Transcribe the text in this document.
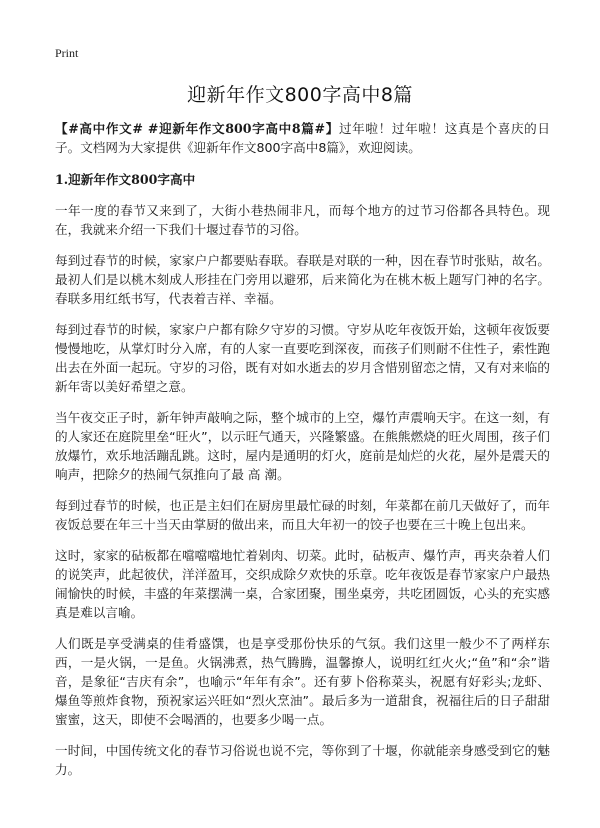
Print
迎新年作文800字高中8篇

【#高中作文# #迎新年作文800字高中8篇#】过年啦！过年啦！这真是个喜庆的日子。文档网为大家提供《迎新年作文800字高中8篇》，欢迎阅读。

1.迎新年作文800字高中

一年一度的春节又来到了，大街小巷热闹非凡，而每个地方的过节习俗都各具特色。现在，我就来介绍一下我们十堰过春节的习俗。

每到过春节的时候，家家户户都要贴春联。春联是对联的一种，因在春节时张贴，故名。最初人们是以桃木刻成人形挂在门旁用以避邪，后来简化为在桃木板上题写门神的名字。春联多用红纸书写，代表着吉祥、幸福。

每到过春节的时候，家家户户都有除夕守岁的习惯。守岁从吃年夜饭开始，这顿年夜饭要慢慢地吃，从掌灯时分入席，有的人家一直要吃到深夜，而孩子们则耐不住性子，索性跑出去在外面一起玩。守岁的习俗，既有对如水逝去的岁月含惜别留恋之情，又有对来临的新年寄以美好希望之意。

当午夜交正子时，新年钟声敲响之际，整个城市的上空，爆竹声震响天宇。在这一刻，有的人家还在庭院里垒“旺火”，以示旺气通天，兴隆繁盛。在熊熊燃烧的旺火周围，孩子们放爆竹，欢乐地活蹦乱跳。这时，屋内是通明的灯火，庭前是灿烂的火花，屋外是震天的响声，把除夕的热闹气氛推向了最 高 潮。

每到过春节的时候，也正是主妇们在厨房里最忙碌的时刻，年菜都在前几天做好了，而年夜饭总要在年三十当天由掌厨的做出来，而且大年初一的饺子也要在三十晚上包出来。

这时，家家的砧板都在噹噹噹地忙着剁肉、切菜。此时，砧板声、爆竹声，再夹杂着人们的说笑声，此起彼伏，洋洋盈耳，交织成除夕欢快的乐章。吃年夜饭是春节家家户户最热闹愉快的时候，丰盛的年菜摆满一桌，合家团聚，围坐桌旁，共吃团圆饭，心头的充实感真是难以言喻。

人们既是享受满桌的佳肴盛馔，也是享受那份快乐的气氛。我们这里一般少不了两样东西，一是火锅，一是鱼。火锅沸煮，热气腾腾，温馨撩人，说明红红火火;“鱼”和“余”谐音，是象征“吉庆有余”，也喻示“年年有余”。还有萝卜俗称菜头，祝愿有好彩头;龙虾、爆鱼等煎炸食物，预祝家运兴旺如“烈火烹油”。最后多为一道甜食，祝福往后的日子甜甜蜜蜜，这天，即使不会喝酒的，也要多少喝一点。

一时间，中国传统文化的春节习俗说也说不完，等你到了十堰，你就能亲身感受到它的魅力。
